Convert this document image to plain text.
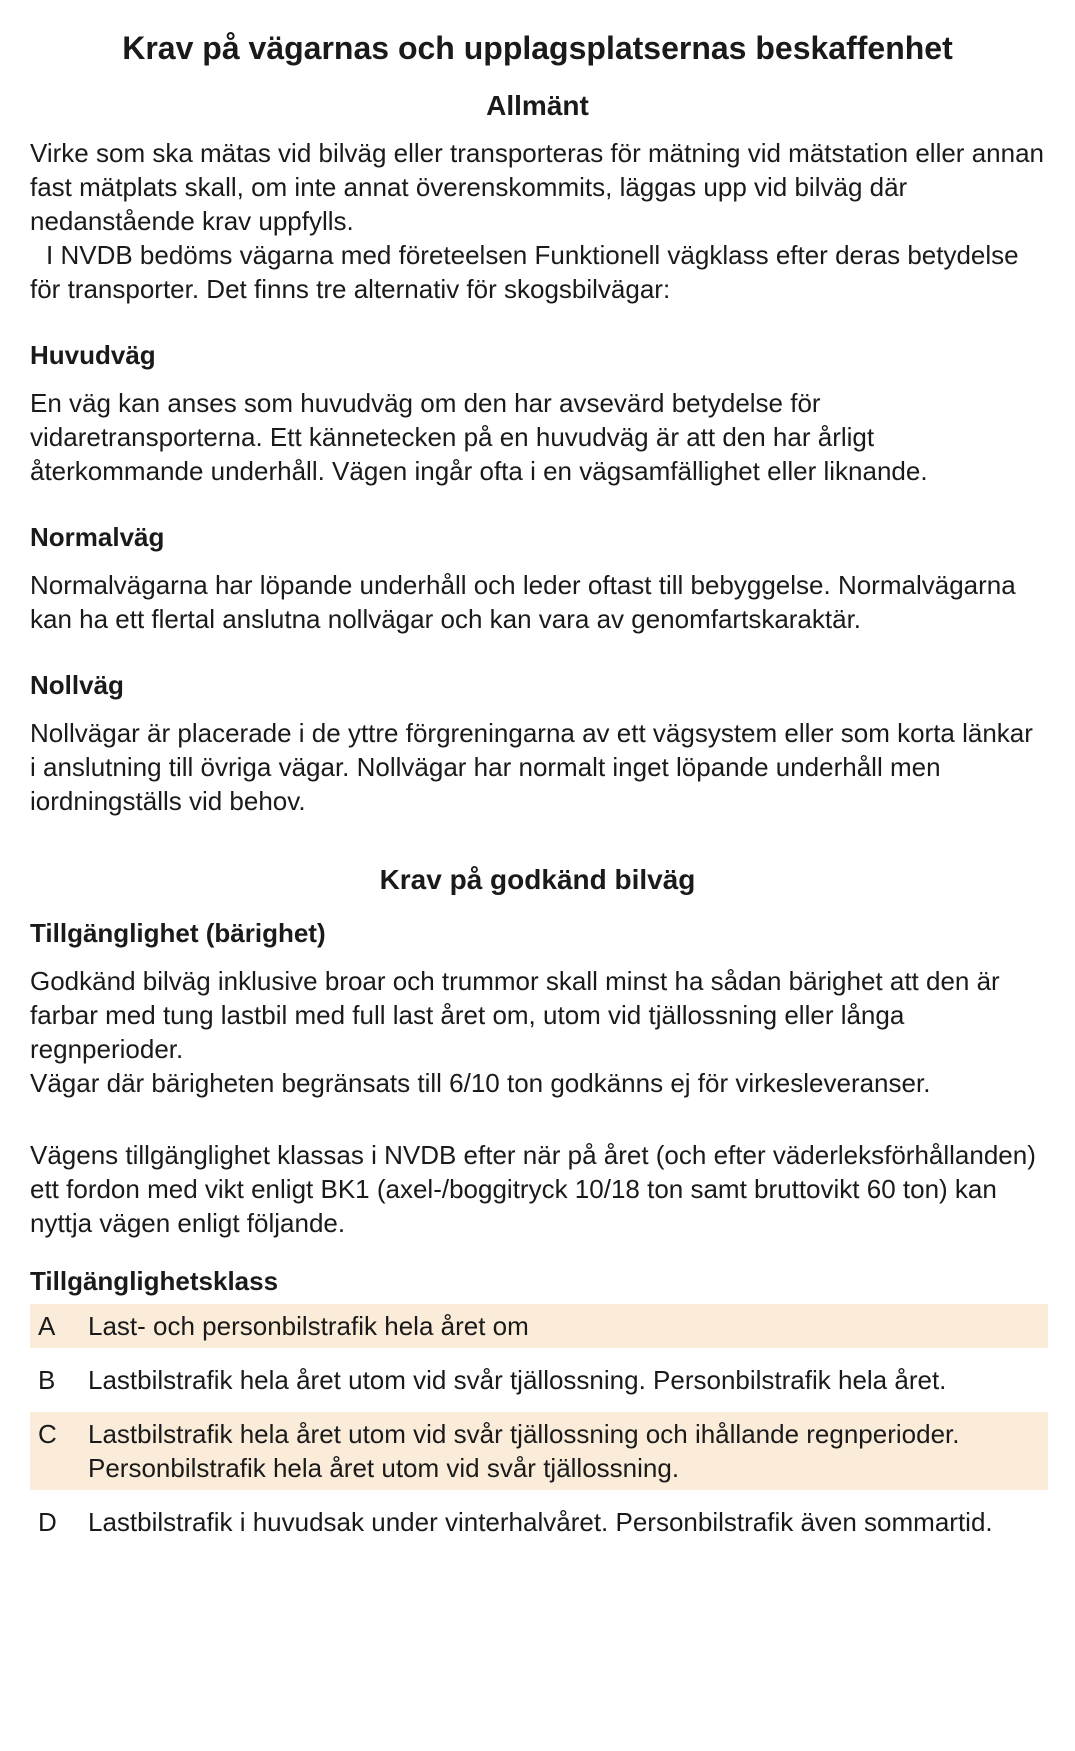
Krav på vägarnas och upplagsplatsernas beskaffenhet
Allmänt

Virke som ska mätas vid bilväg eller transporteras för mätning vid mätstation eller annan fast mätplats skall, om inte annat överenskommits, läggas upp vid bilväg där nedanstående krav uppfylls.

I NVDB bedöms vägarna med företeelsen Funktionell vägklass efter deras betydelse för transporter. Det finns tre alternativ för skogsbilvägar:

Huvudväg

En väg kan anses som huvudväg om den har avsevärd betydelse för vidaretransporterna. Ett kännetecken på en huvudväg är att den har årligt återkommande underhåll. Vägen ingår ofta i en vägsamfällighet eller liknande.

Normalväg

Normalvägarna har löpande underhåll och leder oftast till bebyggelse. Normalvägarna kan ha ett flertal anslutna nollvägar och kan vara av genomfartskaraktär.

Nollväg

Nollvägar är placerade i de yttre förgreningarna av ett vägsystem eller som korta länkar i anslutning till övriga vägar. Nollvägar har normalt inget löpande underhåll men iordningställs vid behov.

Krav på godkänd bilväg
Tillgänglighet (bärighet)

Godkänd bilväg inklusive broar och trummor skall minst ha sådan bärighet att den är farbar med tung lastbil med full last året om, utom vid tjällossning eller långa regnperioder.

Vägar där bärigheten begränsats till 6/10 ton godkänns ej för virkesleveranser.

Vägens tillgänglighet klassas i NVDB efter när på året (och efter väderleksförhållanden) ett fordon med vikt enligt BK1 (axel-/boggitryck 10/18 ton samt bruttovikt 60 ton) kan nyttja vägen enligt följande.

Tillgänglighetsklass
A	Last- och personbilstrafik hela året om
B	Lastbilstrafik hela året utom vid svår tjällossning. Personbilstrafik hela året.
C	Lastbilstrafik hela året utom vid svår tjällossning och ihållande regnperioder. Personbilstrafik hela året utom vid svår tjällossning.
D	Lastbilstrafik i huvudsak under vinterhalvåret. Personbilstrafik även sommartid.
